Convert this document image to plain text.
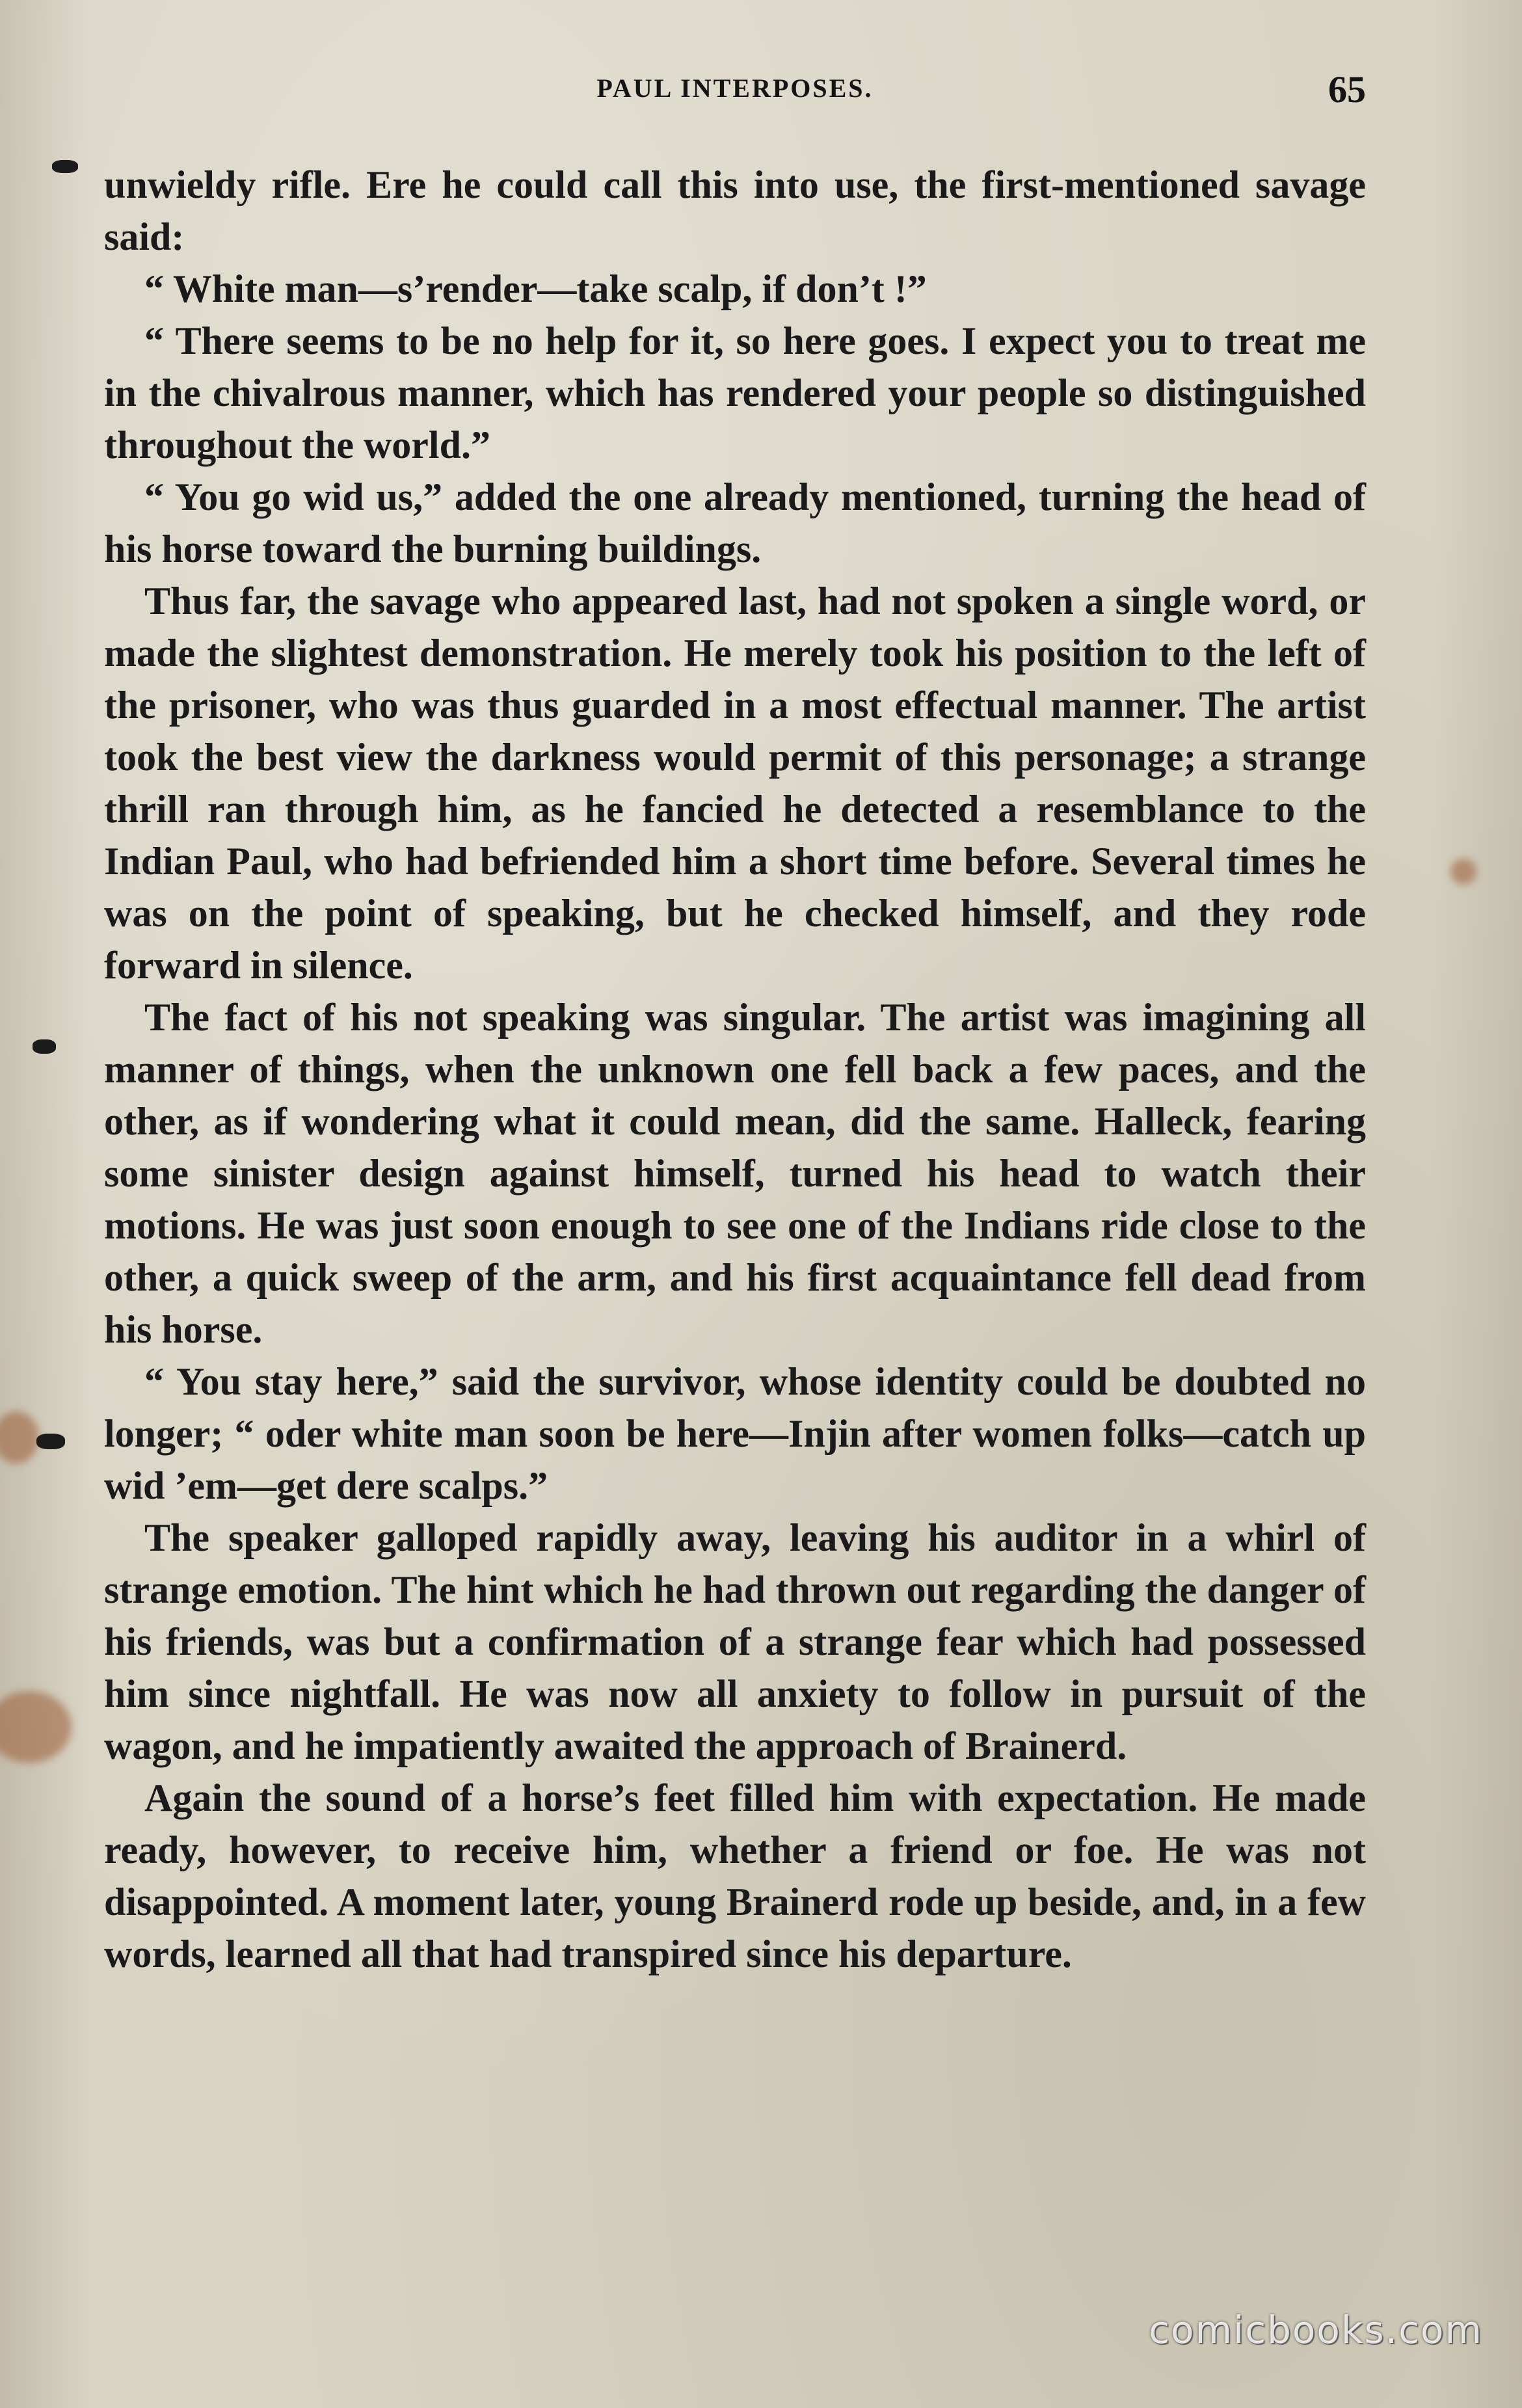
PAUL INTERPOSES.	65

unwieldy rifle. Ere he could call this into use, the first-mentioned savage said:

“ White man—s’render—take scalp, if don’t !”

“ There seems to be no help for it, so here goes. I expect you to treat me in the chivalrous manner, which has rendered your people so distinguished throughout the world.”

“ You go wid us,” added the one already mentioned, turning the head of his horse toward the burning buildings.

Thus far, the savage who appeared last, had not spoken a single word, or made the slightest demonstration. He merely took his position to the left of the prisoner, who was thus guarded in a most effectual manner. The artist took the best view the darkness would permit of this personage; a strange thrill ran through him, as he fancied he detected a resemblance to the Indian Paul, who had befriended him a short time before. Several times he was on the point of speaking, but he checked himself, and they rode forward in silence.

The fact of his not speaking was singular. The artist was imagining all manner of things, when the unknown one fell back a few paces, and the other, as if wondering what it could mean, did the same. Halleck, fearing some sinister design against himself, turned his head to watch their motions. He was just soon enough to see one of the Indians ride close to the other, a quick sweep of the arm, and his first acquaintance fell dead from his horse.

“ You stay here,” said the survivor, whose identity could be doubted no longer; “ oder white man soon be here—Injin after women folks—catch up wid ’em—get dere scalps.”

The speaker galloped rapidly away, leaving his auditor in a whirl of strange emotion. The hint which he had thrown out regarding the danger of his friends, was but a confirmation of a strange fear which had possessed him since nightfall. He was now all anxiety to follow in pursuit of the wagon, and he impatiently awaited the approach of Brainerd.

Again the sound of a horse’s feet filled him with expectation. He made ready, however, to receive him, whether a friend or foe. He was not disappointed. A moment later, young Brainerd rode up beside, and, in a few words, learned all that had transpired since his departure.

comicbooks.com
